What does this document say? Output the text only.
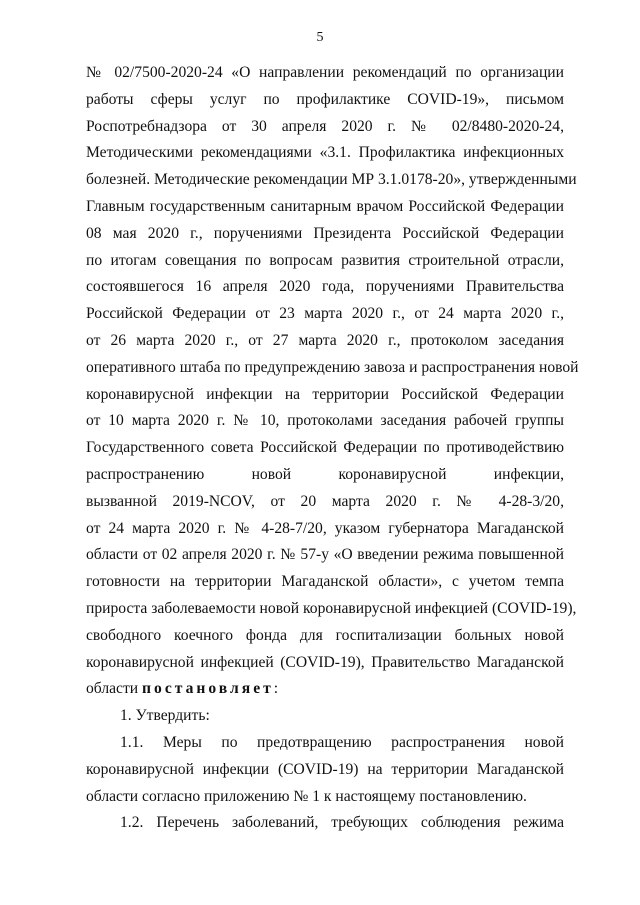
5
№ 02/7500-2020-24 «О направлении рекомендаций по организации
работы сферы услуг по профилактике COVID-19», письмом
Роспотребнадзора от 30 апреля 2020 г. № 02/8480-2020-24,
Методическими рекомендациями «3.1. Профилактика инфекционных
болезней. Методические рекомендации МР 3.1.0178-20», утвержденными
Главным государственным санитарным врачом Российской Федерации
08 мая 2020 г., поручениями Президента Российской Федерации
по итогам совещания по вопросам развития строительной отрасли,
состоявшегося 16 апреля 2020 года, поручениями Правительства
Российской Федерации от 23 марта 2020 г., от 24 марта 2020 г.,
от 26 марта 2020 г., от 27 марта 2020 г., протоколом заседания
оперативного штаба по предупреждению завоза и распространения новой
коронавирусной инфекции на территории Российской Федерации
от 10 марта 2020 г. № 10, протоколами заседания рабочей группы
Государственного совета Российской Федерации по противодействию
распространению новой коронавирусной инфекции,
вызванной 2019-NCOV, от 20 марта 2020 г. № 4-28-3/20,
от 24 марта 2020 г. № 4-28-7/20, указом губернатора Магаданской
области от 02 апреля 2020 г. № 57-у «О введении режима повышенной
готовности на территории Магаданской области», с учетом темпа
прироста заболеваемости новой коронавирусной инфекцией (COVID-19),
свободного коечного фонда для госпитализации больных новой
коронавирусной инфекцией (COVID-19), Правительство Магаданской
области постановляет:
1. Утвердить:
1.1. Меры по предотвращению распространения новой
коронавирусной инфекции (COVID-19) на территории Магаданской
области согласно приложению № 1 к настоящему постановлению.
1.2. Перечень заболеваний, требующих соблюдения режима
